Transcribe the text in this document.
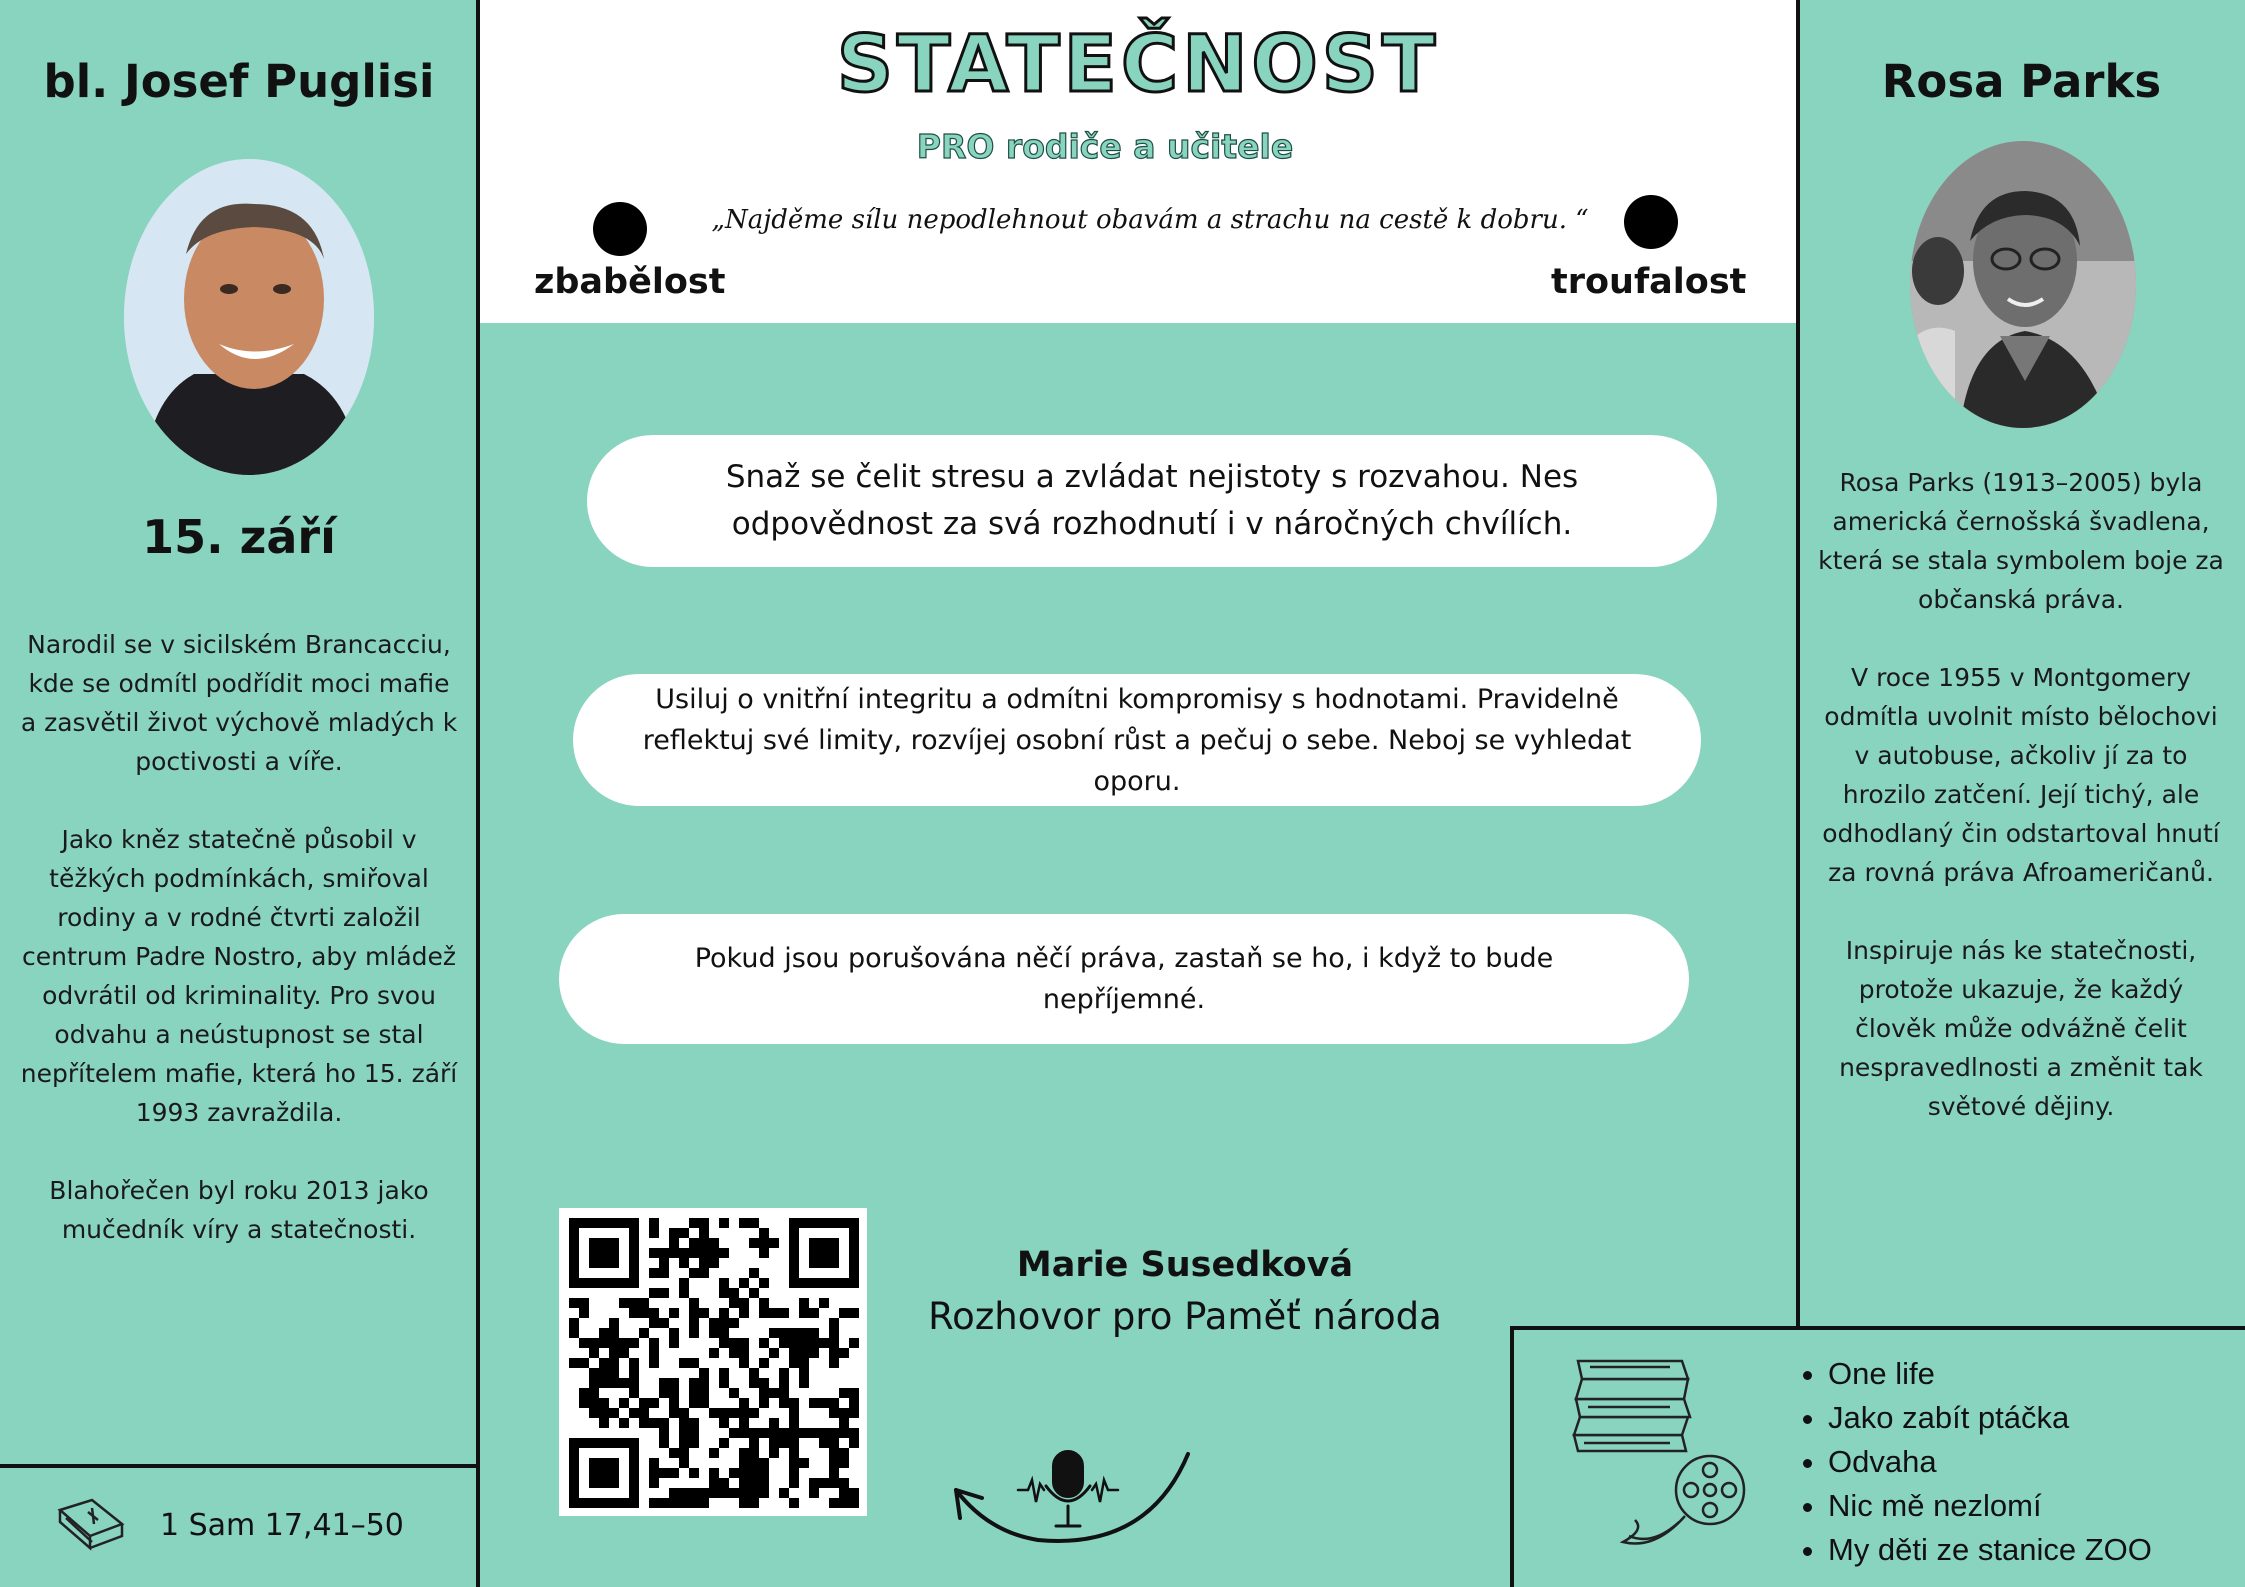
bl. Josef Puglisi
15. září

Narodil se v sicilském Brancacciu, kde se odmítl podřídit moci mafie a zasvětil život výchově mladých k poctivosti a víře.

Jako kněz statečně působil v těžkých podmínkách, smiřoval rodiny a v rodné čtvrti založil centrum Padre Nostro, aby mládež odvrátil od kriminality. Pro svou odvahu a neústupnost se stal nepřítelem mafie, která ho 15. září 1993 zavraždila.

Blahořečen byl roku 2013 jako mučedník víry a statečnosti.

1 Sam 17,41–50
STATEČNOST
PRO rodiče a učitele
„Najděme sílu nepodlehnout obavám a strachu na cestě k dobru. “
zbabělost	troufalost
Snaž se čelit stresu a zvládat nejistoty s rozvahou. Nes odpovědnost za svá rozhodnutí i v náročných chvílích.
Usiluj o vnitřní integritu a odmítni kompromisy s hodnotami. Pravidelně reflektuj své limity, rozvíjej osobní růst a pečuj o sebe. Neboj se vyhledat oporu.
Pokud jsou porušována něčí práva, zastaň se ho, i když to bude nepříjemné.
Rosa Parks

Rosa Parks (1913–2005) byla americká černošská švadlena, která se stala symbolem boje za občanská práva.

V roce 1955 v Montgomery odmítla uvolnit místo bělochovi v autobuse, ačkoliv jí za to hrozilo zatčení. Její tichý, ale odhodlaný čin odstartoval hnutí za rovná práva Afroameričanů.

Inspiruje nás ke statečnosti, protože ukazuje, že každý člověk může odvážně čelit nespravedlnosti a změnit tak světové dějiny.

Marie Susedková
Rozhovor pro Paměť národa
• One life
• Jako zabít ptáčka
• Odvaha
• Nic mě nezlomí
• My děti ze stanice ZOO
